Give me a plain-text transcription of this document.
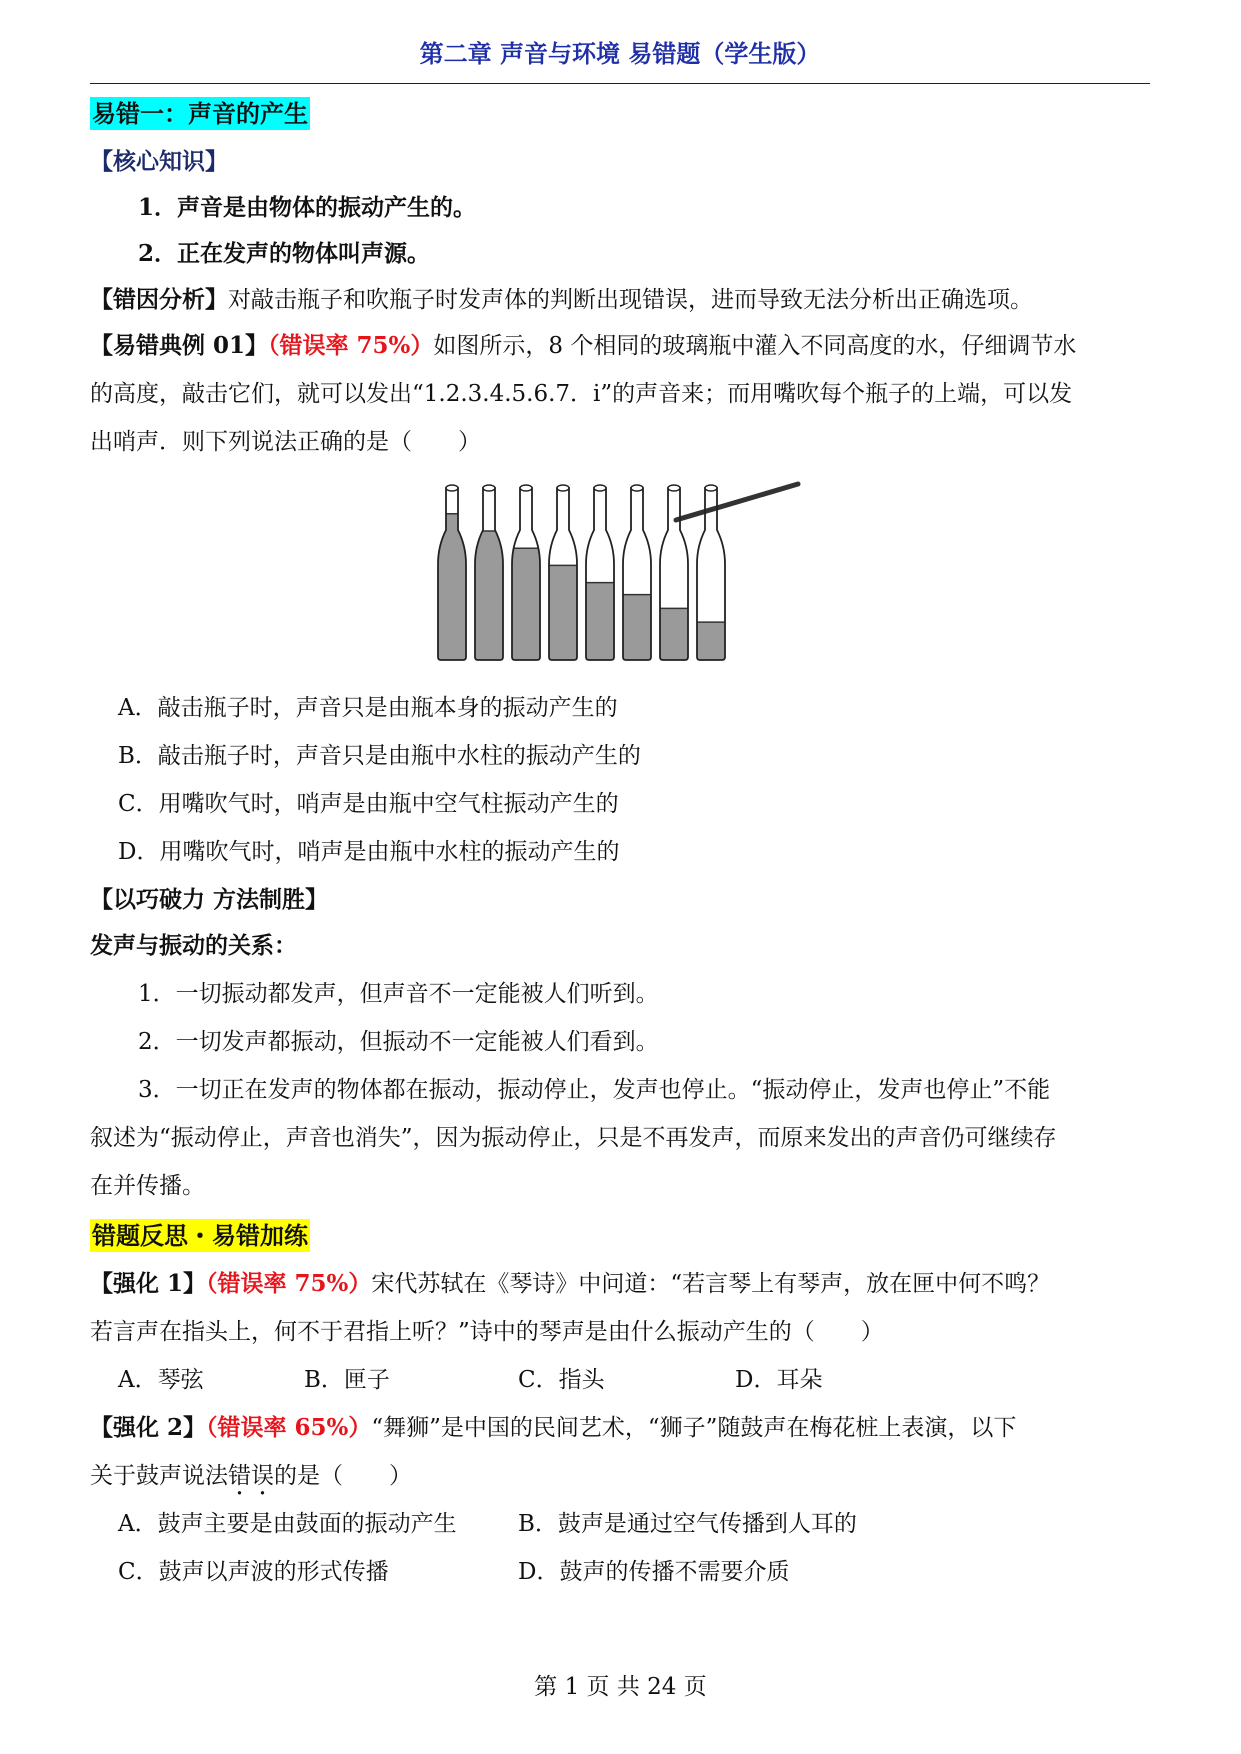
第二章 声音与环境 易错题（学生版）
易错一：声音的产生
【核心知识】
1．声音是由物体的振动产生的。
2．正在发声的物体叫声源。
【错因分析】对敲击瓶子和吹瓶子时发声体的判断出现错误，进而导致无法分析出正确选项。
【易错典例 01】（错误率 75%）如图所示，8 个相同的玻璃瓶中灌入不同高度的水，仔细调节水
的高度，敲击它们，就可以发出“1.2.3.4.5.6.7．i”的声音来；而用嘴吹每个瓶子的上端，可以发
出哨声．则下列说法正确的是（　　）
A．敲击瓶子时，声音只是由瓶本身的振动产生的
B．敲击瓶子时，声音只是由瓶中水柱的振动产生的
C．用嘴吹气时，哨声是由瓶中空气柱振动产生的
D．用嘴吹气时，哨声是由瓶中水柱的振动产生的
【以巧破力 方法制胜】
发声与振动的关系：
1．一切振动都发声，但声音不一定能被人们听到。
2．一切发声都振动，但振动不一定能被人们看到。
3．一切正在发声的物体都在振动，振动停止，发声也停止。“振动停止，发声也停止”不能
叙述为“振动停止，声音也消失”，因为振动停止，只是不再发声，而原来发出的声音仍可继续存
在并传播。
错题反思・易错加练
【强化 1】（错误率 75%）宋代苏轼在《琴诗》中问道：“若言琴上有琴声，放在匣中何不鸣？
若言声在指头上，何不于君指上听？”诗中的琴声是由什么振动产生的（　　）
A．琴弦	B．匣子	C．指头	D．耳朵
【强化 2】（错误率 65%）“舞狮”是中国的民间艺术，“狮子”随鼓声在梅花桩上表演，以下
关于鼓声说法错误的是（　　）
A．鼓声主要是由鼓面的振动产生	B．鼓声是通过空气传播到人耳的
C．鼓声以声波的形式传播	D．鼓声的传播不需要介质
第 1 页 共 24 页
